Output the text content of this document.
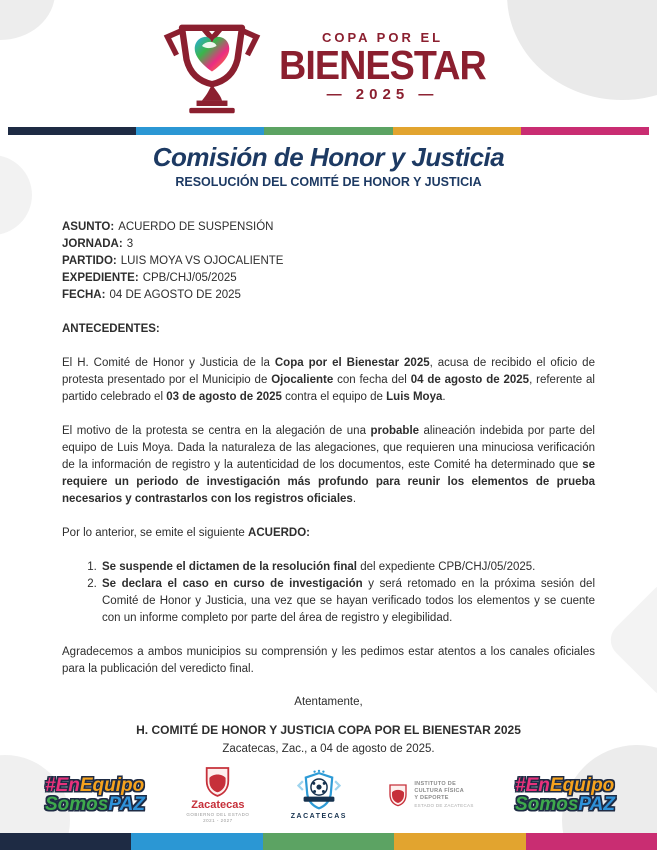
COPA POR EL
BIENESTAR
— 2025 —
Comisión de Honor y Justicia
RESOLUCIÓN DEL COMITÉ DE HONOR Y JUSTICIA
ASUNTO: ACUERDO DE SUSPENSIÓN
JORNADA: 3
PARTIDO: LUIS MOYA VS OJOCALIENTE
EXPEDIENTE: CPB/CHJ/05/2025
FECHA: 04 DE AGOSTO DE 2025
ANTECEDENTES:
El H. Comité de Honor y Justicia de la Copa por el Bienestar 2025, acusa de recibido el oficio de protesta presentado por el Municipio de Ojocaliente con fecha del 04 de agosto de 2025, referente al partido celebrado el 03 de agosto de 2025 contra el equipo de Luis Moya.
El motivo de la protesta se centra en la alegación de una probable alineación indebida por parte del equipo de Luis Moya. Dada la naturaleza de las alegaciones, que requieren una minuciosa verificación de la información de registro y la autenticidad de los documentos, este Comité ha determinado que se requiere un periodo de investigación más profundo para reunir los elementos de prueba necesarios y contrastarlos con los registros oficiales.
Por lo anterior, se emite el siguiente ACUERDO:
1. Se suspende el dictamen de la resolución final del expediente CPB/CHJ/05/2025.
2. Se declara el caso en curso de investigación y será retomado en la próxima sesión del Comité de Honor y Justicia, una vez que se hayan verificado todos los elementos y se cuente con un informe completo por parte del área de registro y elegibilidad.
Agradecemos a ambos municipios su comprensión y les pedimos estar atentos a los canales oficiales para la publicación del veredicto final.
Atentamente,
H. COMITÉ DE HONOR Y JUSTICIA COPA POR EL BIENESTAR 2025
Zacatecas, Zac., a 04 de agosto de 2025.
#EnEquipo
SomosPAZ	Zacatecas
GOBIERNO DEL ESTADO
2021 - 2027
ZACATECAS
INSTITUTO DE
CULTURA FÍSICA
Y DEPORTE
ESTADO DE ZACATECAS
#EnEquipo
SomosPAZ
